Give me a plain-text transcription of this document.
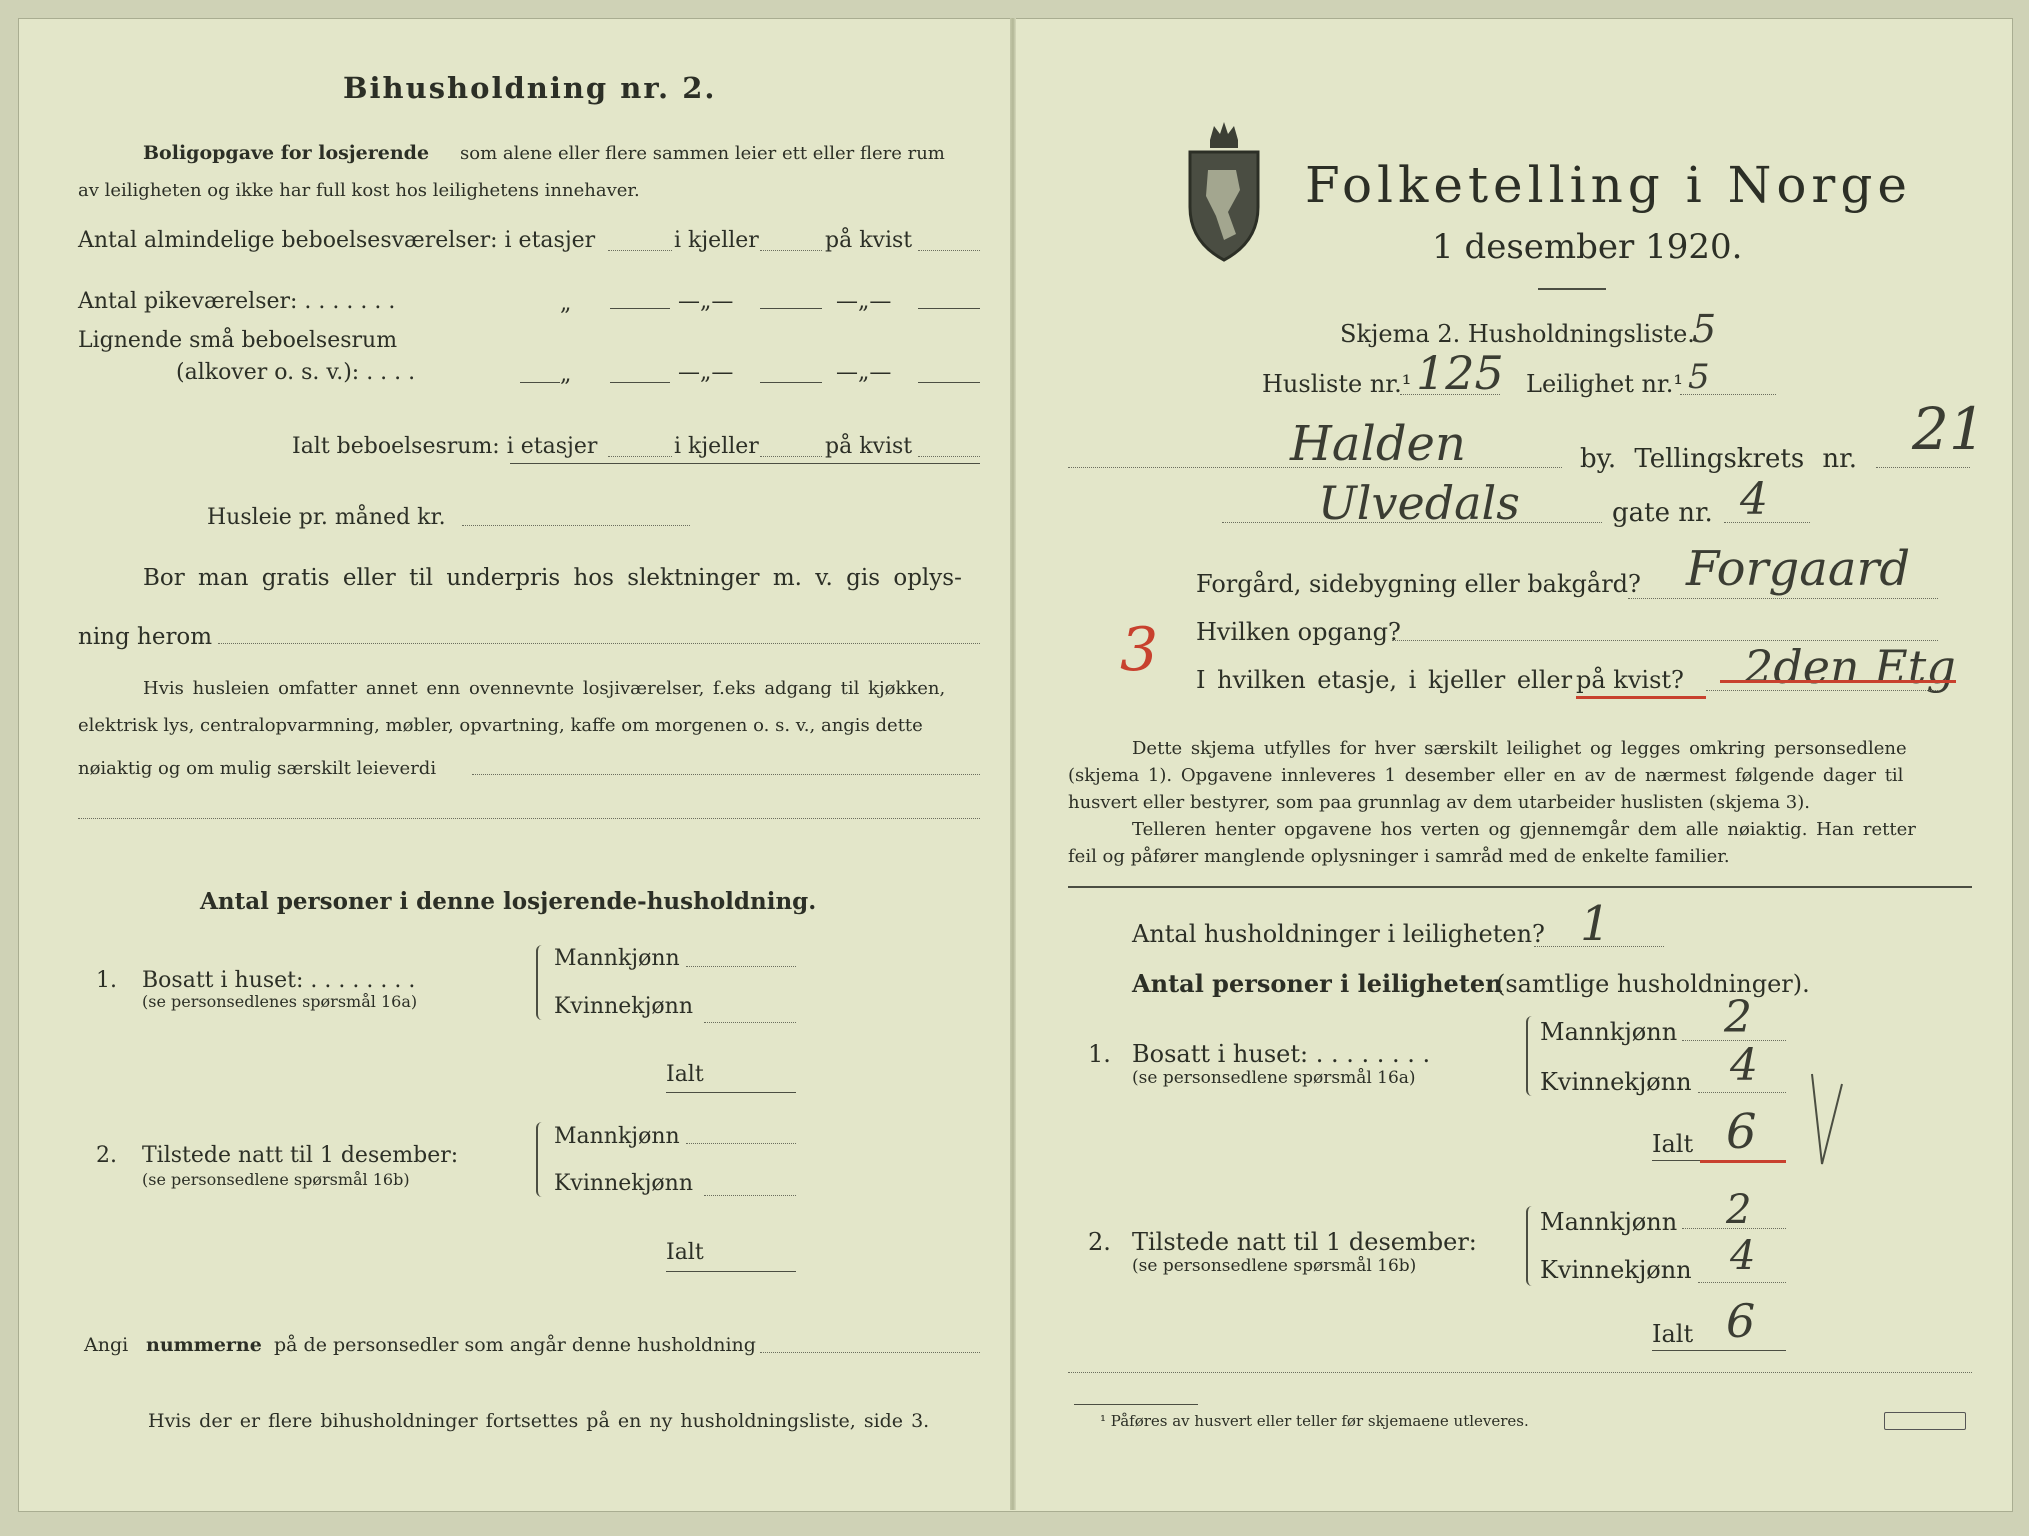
Bihusholdning nr. 2.
Boligopgave for losjerende som alene eller flere sammen leier ett eller flere rum
av leiligheten og ikke har full kost hos leilighetens innehaver.
Antal almindelige beboelsesværelser: i etasjer	i kjeller	på kvist
Antal pikeværelser: . . . . . . .	„	—„—	—„—
Lignende små beboelsesrum
(alkover o. s. v.): . . . .	„	—„—	—„—
Ialt beboelsesrum: i etasjer	i kjeller	på kvist
Husleie pr. måned kr.
Bor man gratis eller til underpris hos slektninger m. v. gis oplys-
ning herom
Hvis husleien omfatter annet enn ovennevnte losjiværelser, f.eks adgang til kjøkken,
elektrisk lys, centralopvarmning, møbler, opvartning, kaffe om morgenen o. s. v., angis dette
nøiaktig og om mulig særskilt leieverdi
Antal personer i denne losjerende-husholdning.
1. Bosatt i huset: . . . . . . . .
(se personsedlenes spørsmål 16a)
Mannkjønn
Kvinnekjønn
Ialt
2. Tilstede natt til 1 desember:
(se personsedlene spørsmål 16b)
Mannkjønn
Kvinnekjønn
Ialt
Angi nummerne på de personsedler som angår denne husholdning
Hvis der er flere bihusholdninger fortsettes på en ny husholdningsliste, side 3.
Folketelling i Norge
1 desember 1920.
Skjema 2. Husholdningsliste.
5
Husliste nr.¹ 125 Leilighet nr.¹ 5
Halden	by. Tellingskrets nr. 21
Ulvedals	gate nr. 4
Forgård, sidebygning eller bakgård? Forgaard
Hvilken opgang?
3 I hvilken etasje, i kjeller eller på kvist? 2den Etg
Dette skjema utfylles for hver særskilt leilighet og legges omkring personsedlene
(skjema 1). Opgavene innleveres 1 desember eller en av de nærmest følgende dager til
husvert eller bestyrer, som paa grunnlag av dem utarbeider huslisten (skjema 3).
Telleren henter opgavene hos verten og gjennemgår dem alle nøiaktig. Han retter
feil og påfører manglende oplysninger i samråd med de enkelte familier.
Antal husholdninger i leiligheten? 1
Antal personer i leiligheten
(samtlige husholdninger).
1. Bosatt i huset: . . . . . . . .
(se personsedlene spørsmål 16a)
Mannkjønn 2
Kvinnekjønn 4
Ialt 6
2. Tilstede natt til 1 desember:
(se personsedlene spørsmål 16b)
Mannkjønn 2
Kvinnekjønn 4
Ialt 6
¹ Påføres av husvert eller teller før skjemaene utleveres.
